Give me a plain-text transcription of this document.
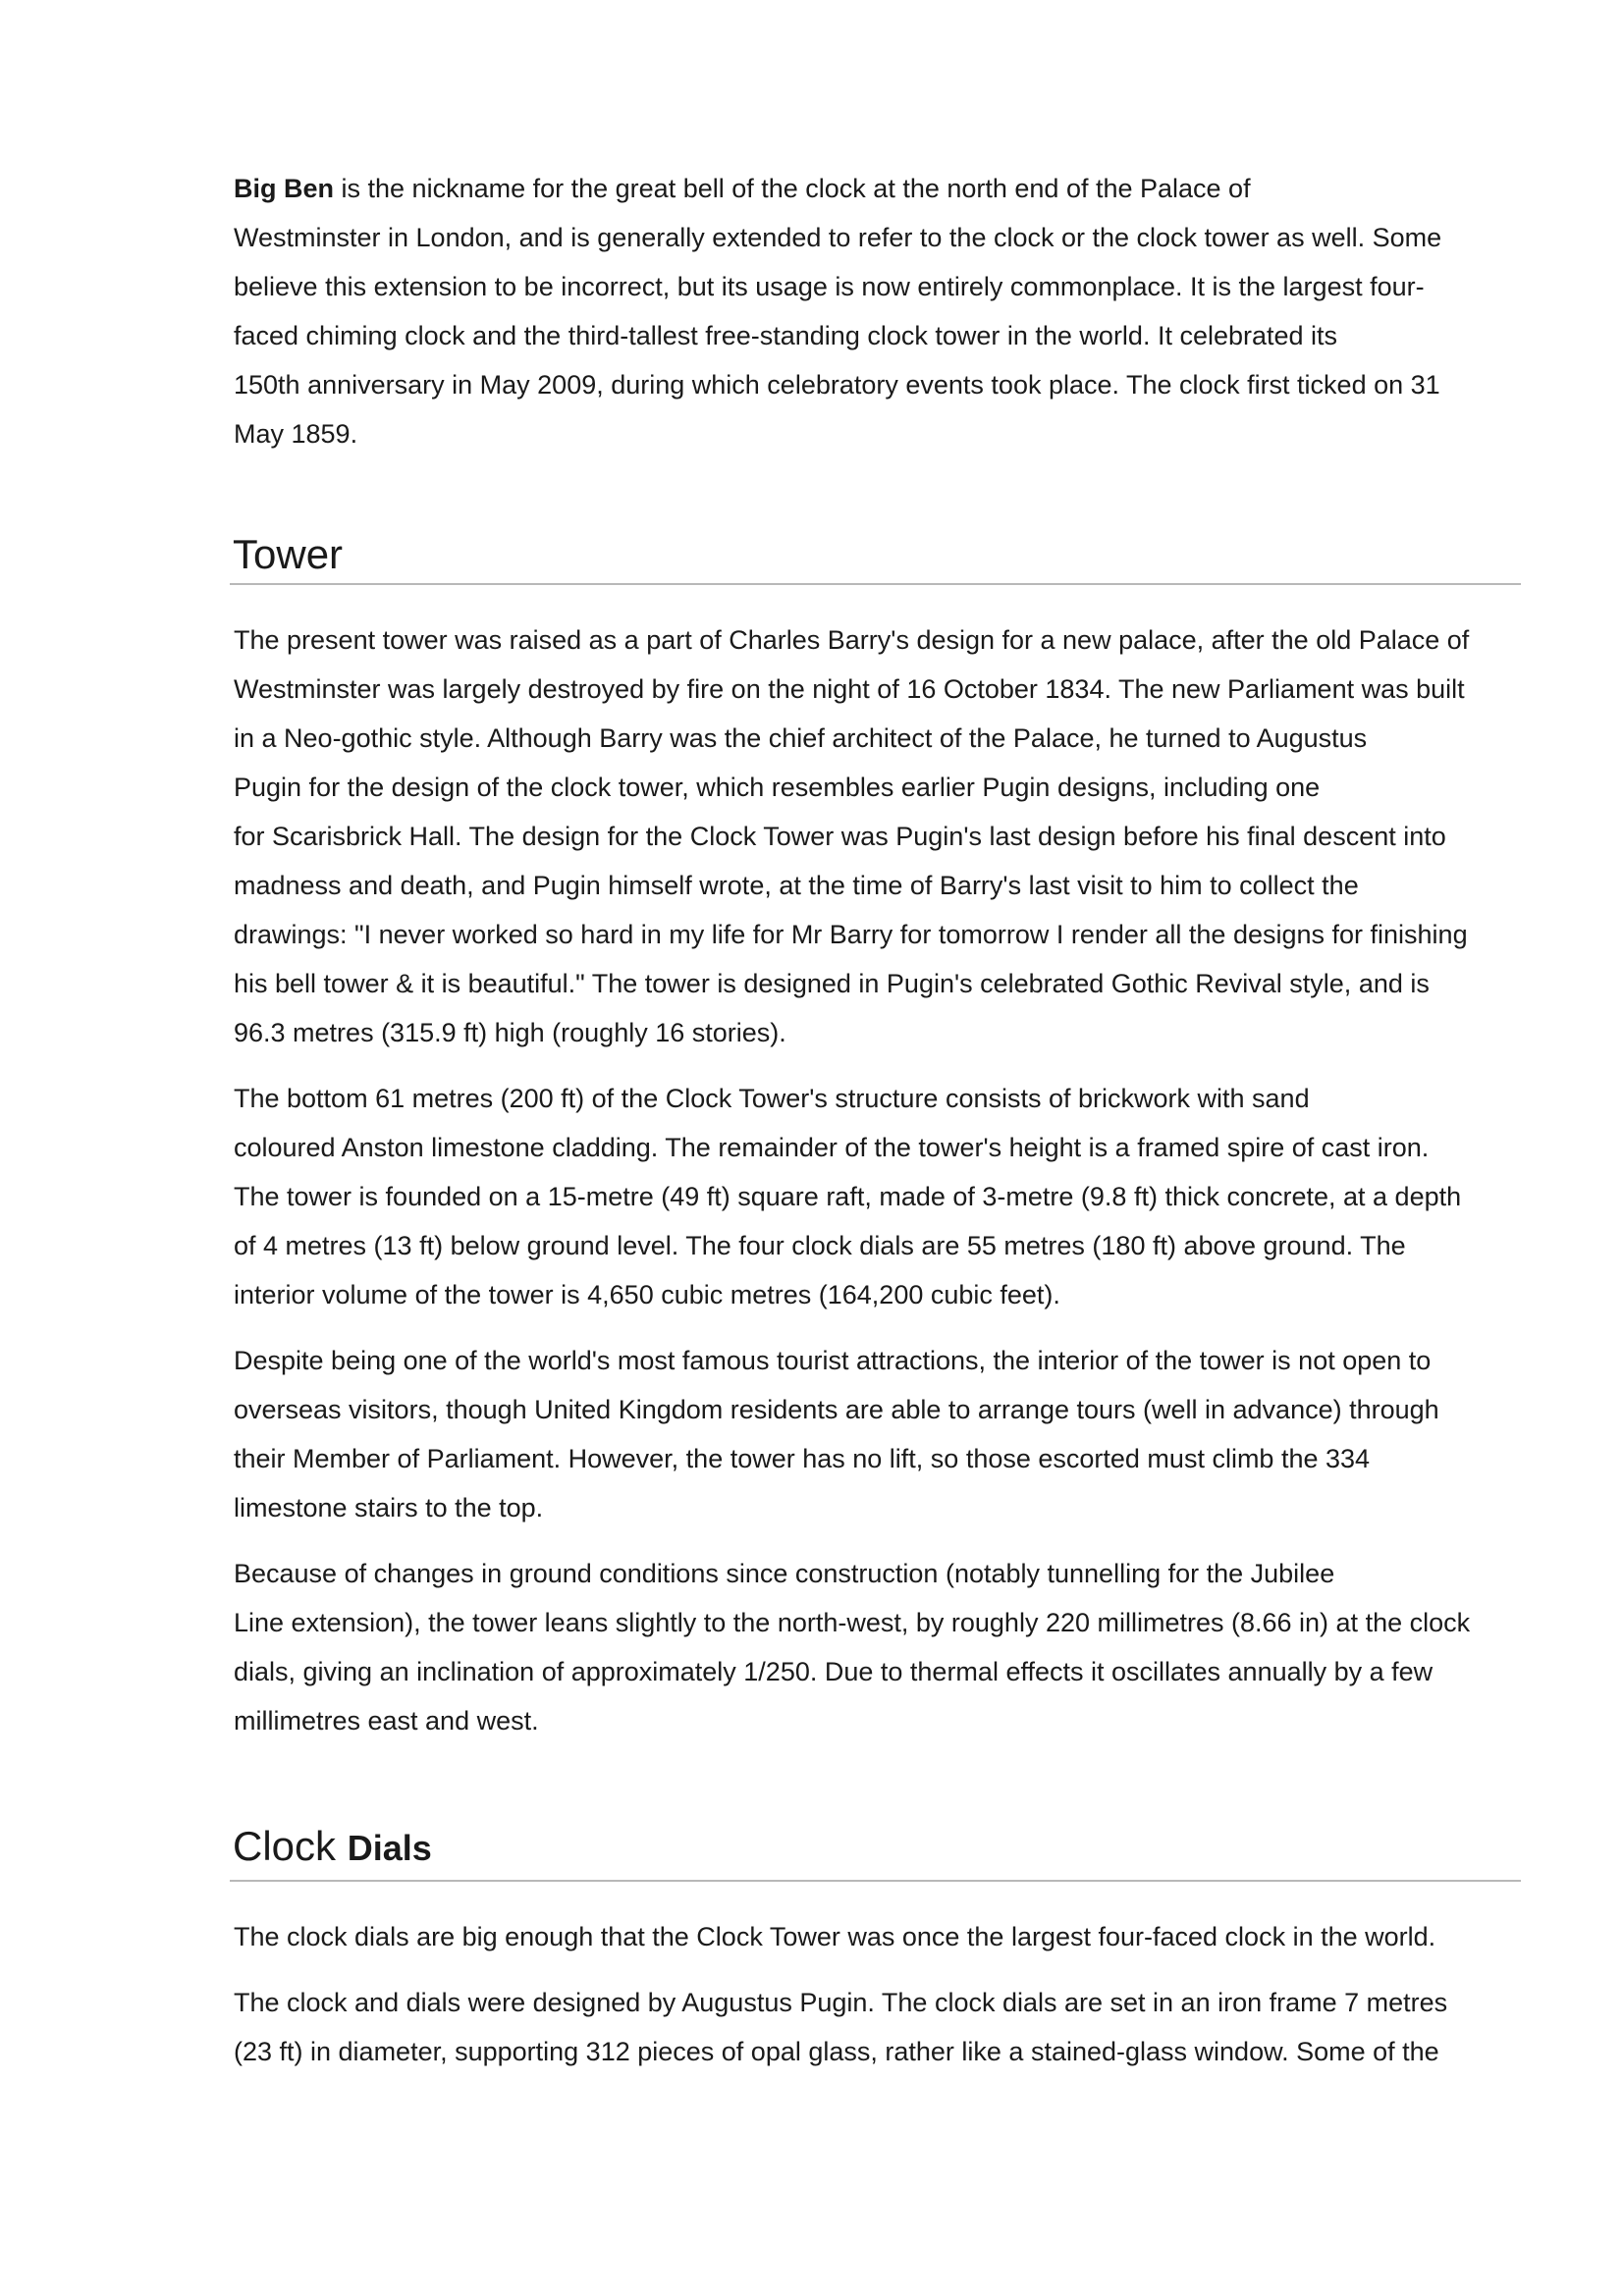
Big Ben is the nickname for the great bell of the clock at the north end of the Palace of

Westminster in London, and is generally extended to refer to the clock or the clock tower as well. Some

believe this extension to be incorrect, but its usage is now entirely commonplace. It is the largest four-

faced chiming clock and the third-tallest free-standing clock tower in the world. It celebrated its

150th anniversary in May 2009, during which celebratory events took place. The clock first ticked on 31

May 1859.

Tower

The present tower was raised as a part of Charles Barry's design for a new palace, after the old Palace of

Westminster was largely destroyed by fire on the night of 16 October 1834. The new Parliament was built

in a Neo-gothic style. Although Barry was the chief architect of the Palace, he turned to Augustus

Pugin for the design of the clock tower, which resembles earlier Pugin designs, including one

for Scarisbrick Hall. The design for the Clock Tower was Pugin's last design before his final descent into

madness and death, and Pugin himself wrote, at the time of Barry's last visit to him to collect the

drawings: "I never worked so hard in my life for Mr Barry for tomorrow I render all the designs for finishing

his bell tower & it is beautiful." The tower is designed in Pugin's celebrated Gothic Revival style, and is

96.3 metres (315.9 ft) high (roughly 16 stories).

The bottom 61 metres (200 ft) of the Clock Tower's structure consists of brickwork with sand

coloured Anston limestone cladding. The remainder of the tower's height is a framed spire of cast iron.

The tower is founded on a 15-metre (49 ft) square raft, made of 3-metre (9.8 ft) thick concrete, at a depth

of 4 metres (13 ft) below ground level. The four clock dials are 55 metres (180 ft) above ground. The

interior volume of the tower is 4,650 cubic metres (164,200 cubic feet).

Despite being one of the world's most famous tourist attractions, the interior of the tower is not open to

overseas visitors, though United Kingdom residents are able to arrange tours (well in advance) through

their Member of Parliament. However, the tower has no lift, so those escorted must climb the 334

limestone stairs to the top.

Because of changes in ground conditions since construction (notably tunnelling for the Jubilee

Line extension), the tower leans slightly to the north-west, by roughly 220 millimetres (8.66 in) at the clock

dials, giving an inclination of approximately 1/250. Due to thermal effects it oscillates annually by a few

millimetres east and west.

Clock Dials

The clock dials are big enough that the Clock Tower was once the largest four-faced clock in the world.

The clock and dials were designed by Augustus Pugin. The clock dials are set in an iron frame 7 metres

(23 ft) in diameter, supporting 312 pieces of opal glass, rather like a stained-glass window. Some of the
